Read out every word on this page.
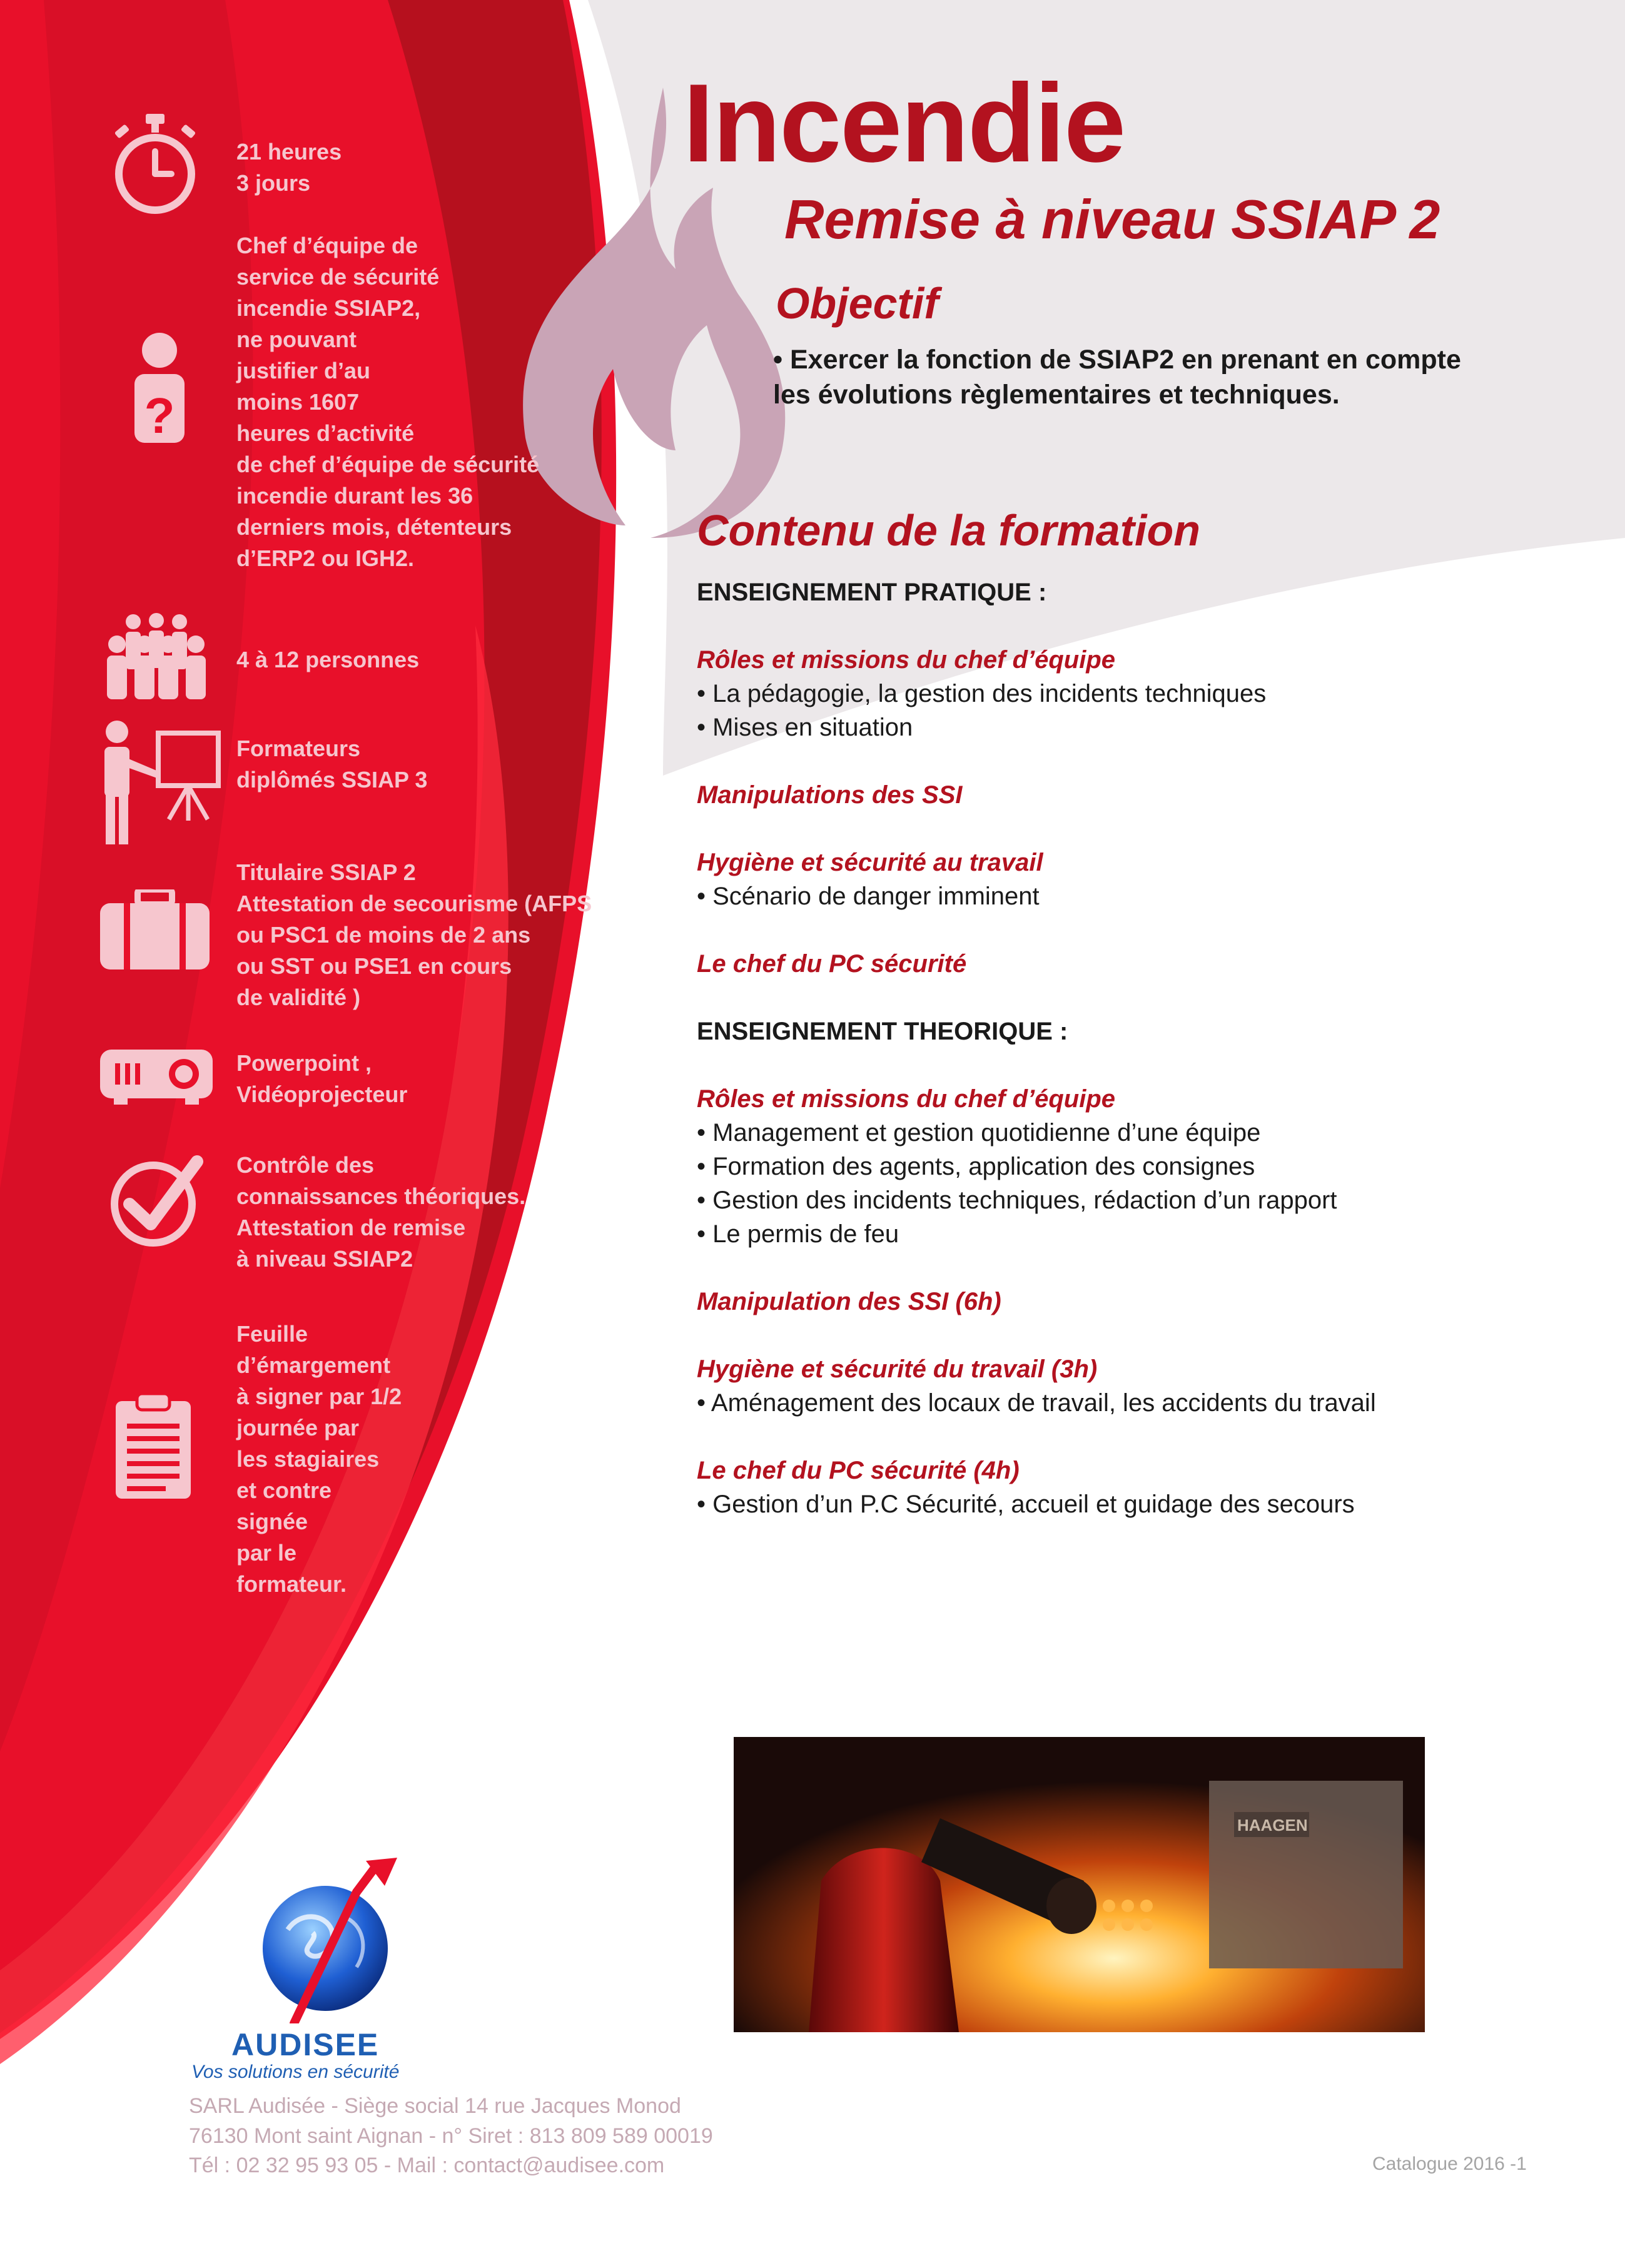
Incendie
Remise à niveau SSIAP 2
Objectif
• Exercer la fonction de SSIAP2 en prenant en compte les évolutions règlementaires et techniques.
Contenu de la formation
ENSEIGNEMENT PRATIQUE :
Rôles et missions du chef d’équipe
• La pédagogie, la gestion des incidents techniques
• Mises en situation
Manipulations des SSI
Hygiène et sécurité au travail
• Scénario de danger imminent
Le chef du PC sécurité
ENSEIGNEMENT THEORIQUE :
Rôles et missions du chef d’équipe
• Management et gestion quotidienne d’une équipe
• Formation des agents, application des consignes
• Gestion des incidents techniques, rédaction d’un rapport
• Le permis de feu
Manipulation des SSI (6h)
Hygiène et sécurité du travail (3h)
• Aménagement des locaux de travail, les accidents du travail
Le chef du PC sécurité (4h)
• Gestion d’un P.C Sécurité, accueil et guidage des secours
?
21 heures
3 jours
Chef d’équipe de
service de sécurité
incendie SSIAP2,
ne pouvant
justifier d’au
moins 1607
heures d’activité
de chef d’équipe de sécurité
incendie durant les 36
derniers mois, détenteurs
d’ERP2 ou IGH2.
4 à 12 personnes
Formateurs
diplômés SSIAP 3
Titulaire SSIAP 2
Attestation de secourisme (AFPS
ou PSC1 de moins de 2 ans
ou SST ou PSE1 en cours
de validité )
Powerpoint ,
Vidéoprojecteur
Contrôle des
connaissances théoriques.
Attestation de remise
à niveau SSIAP2
Feuille
d’émargement
à signer par 1/2
journée par
les stagiaires
et contre
signée
par le
formateur.
HAAGEN
AUDISEE
Vos solutions en sécurité
SARL Audisée - Siège social 14 rue Jacques Monod
76130 Mont saint Aignan - n° Siret : 813 809 589 00019
Tél : 02 32 95 93 05 - Mail : contact@audisee.com	Catalogue 2016 -1
